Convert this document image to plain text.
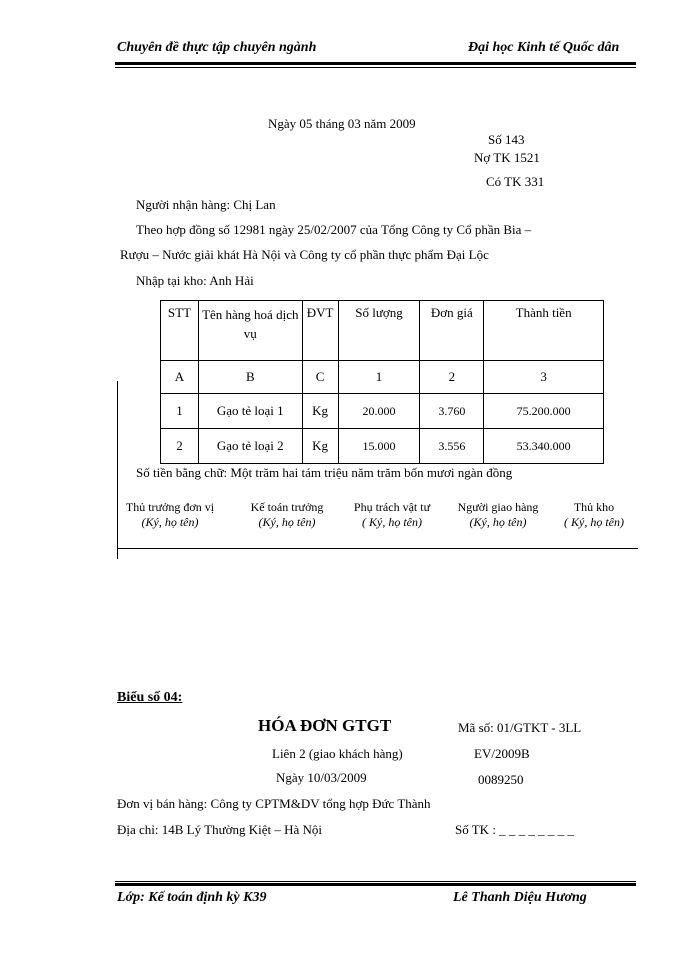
Chuyên đề thực tập chuyên ngành	Đại học Kinh tế Quốc dân
Ngày 05 tháng 03 năm 2009
Số 143
Nợ TK 1521
Có TK 331
Người nhận hàng: Chị Lan
Theo hợp đồng số 12981 ngày 25/02/2007 của Tổng Công ty Cổ phần Bia –
Rượu – Nước giải khát Hà Nội và Công ty cổ phần thực phẩm Đại Lộc
Nhập tại kho: Anh Hải
STT	Tên hàng hoá dịch vụ	ĐVT	Số lượng	Đơn giá	Thành tiền
A	B	C	1	2	3
1	Gạo tẻ loại 1	Kg	20.000	3.760	75.200.000
2	Gạo tẻ loại 2	Kg	15.000	3.556	53.340.000
Số tiền bằng chữ: Một trăm hai tám triệu năm trăm bốn mươi ngàn đồng
Thủ trưởng đơn vị
(Ký, họ tên)
Kế toán trưởng
(Ký, họ tên)
Phụ trách vật tư
( Ký, họ tên)
Người giao hàng
(Ký, họ tên)
Thủ kho
( Ký, họ tên)
Biểu số 04:
HÓA ĐƠN GTGT	Mã số: 01/GTKT - 3LL
Liên 2 (giao khách hàng)	EV/2009B
Ngày 10/03/2009	0089250
Đơn vị bán hàng: Công ty CPTM&DV tổng hợp Đức Thành
Địa chỉ: 14B Lý Thường Kiệt – Hà Nội	Số TK : _ _ _ _ _ _ _ _
Lớp: Kế toán định kỳ K39	Lê Thanh Diệu Hương
